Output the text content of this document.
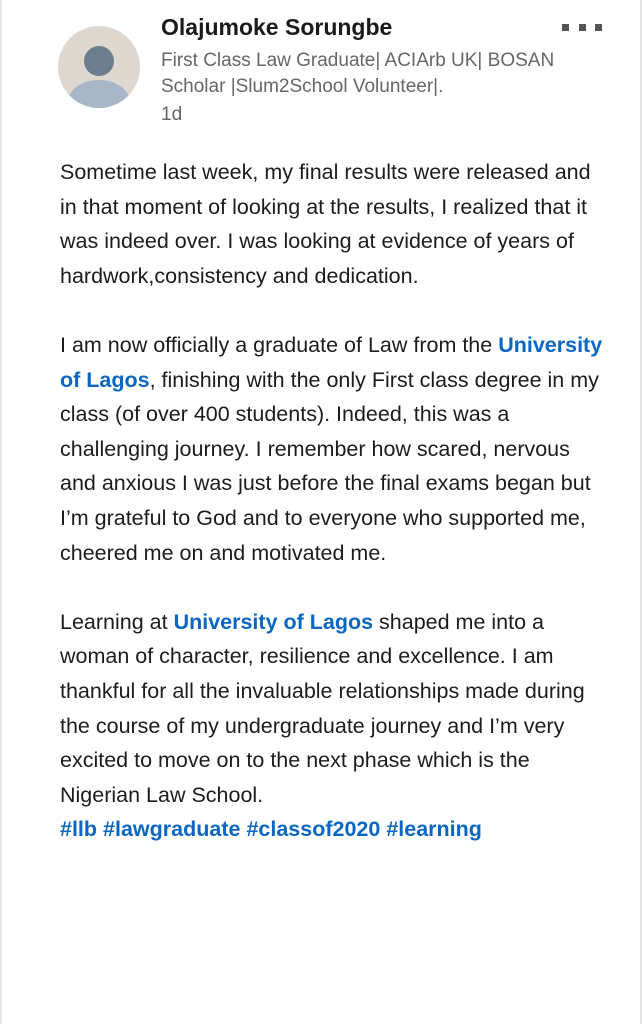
Olajumoke Sorungbe
First Class Law Graduate| ACIArb UK| BOSAN Scholar |Slum2School Volunteer|.
1d

Sometime last week, my final results were released and in that moment of looking at the results, I realized that it was indeed over. I was looking at evidence of years of hardwork,consistency and dedication.

I am now officially a graduate of Law from the University of Lagos, finishing with the only First class degree in my class (of over 400 students). Indeed, this was a challenging journey. I remember how scared, nervous and anxious I was just before the final exams began but I’m grateful to God and to everyone who supported me, cheered me on and motivated me.

Learning at University of Lagos shaped me into a woman of character, resilience and excellence. I am thankful for all the invaluable relationships made during the course of my undergraduate journey and I’m very excited to move on to the next phase which is the Nigerian Law School.

#llb #lawgraduate #classof2020 #learning
